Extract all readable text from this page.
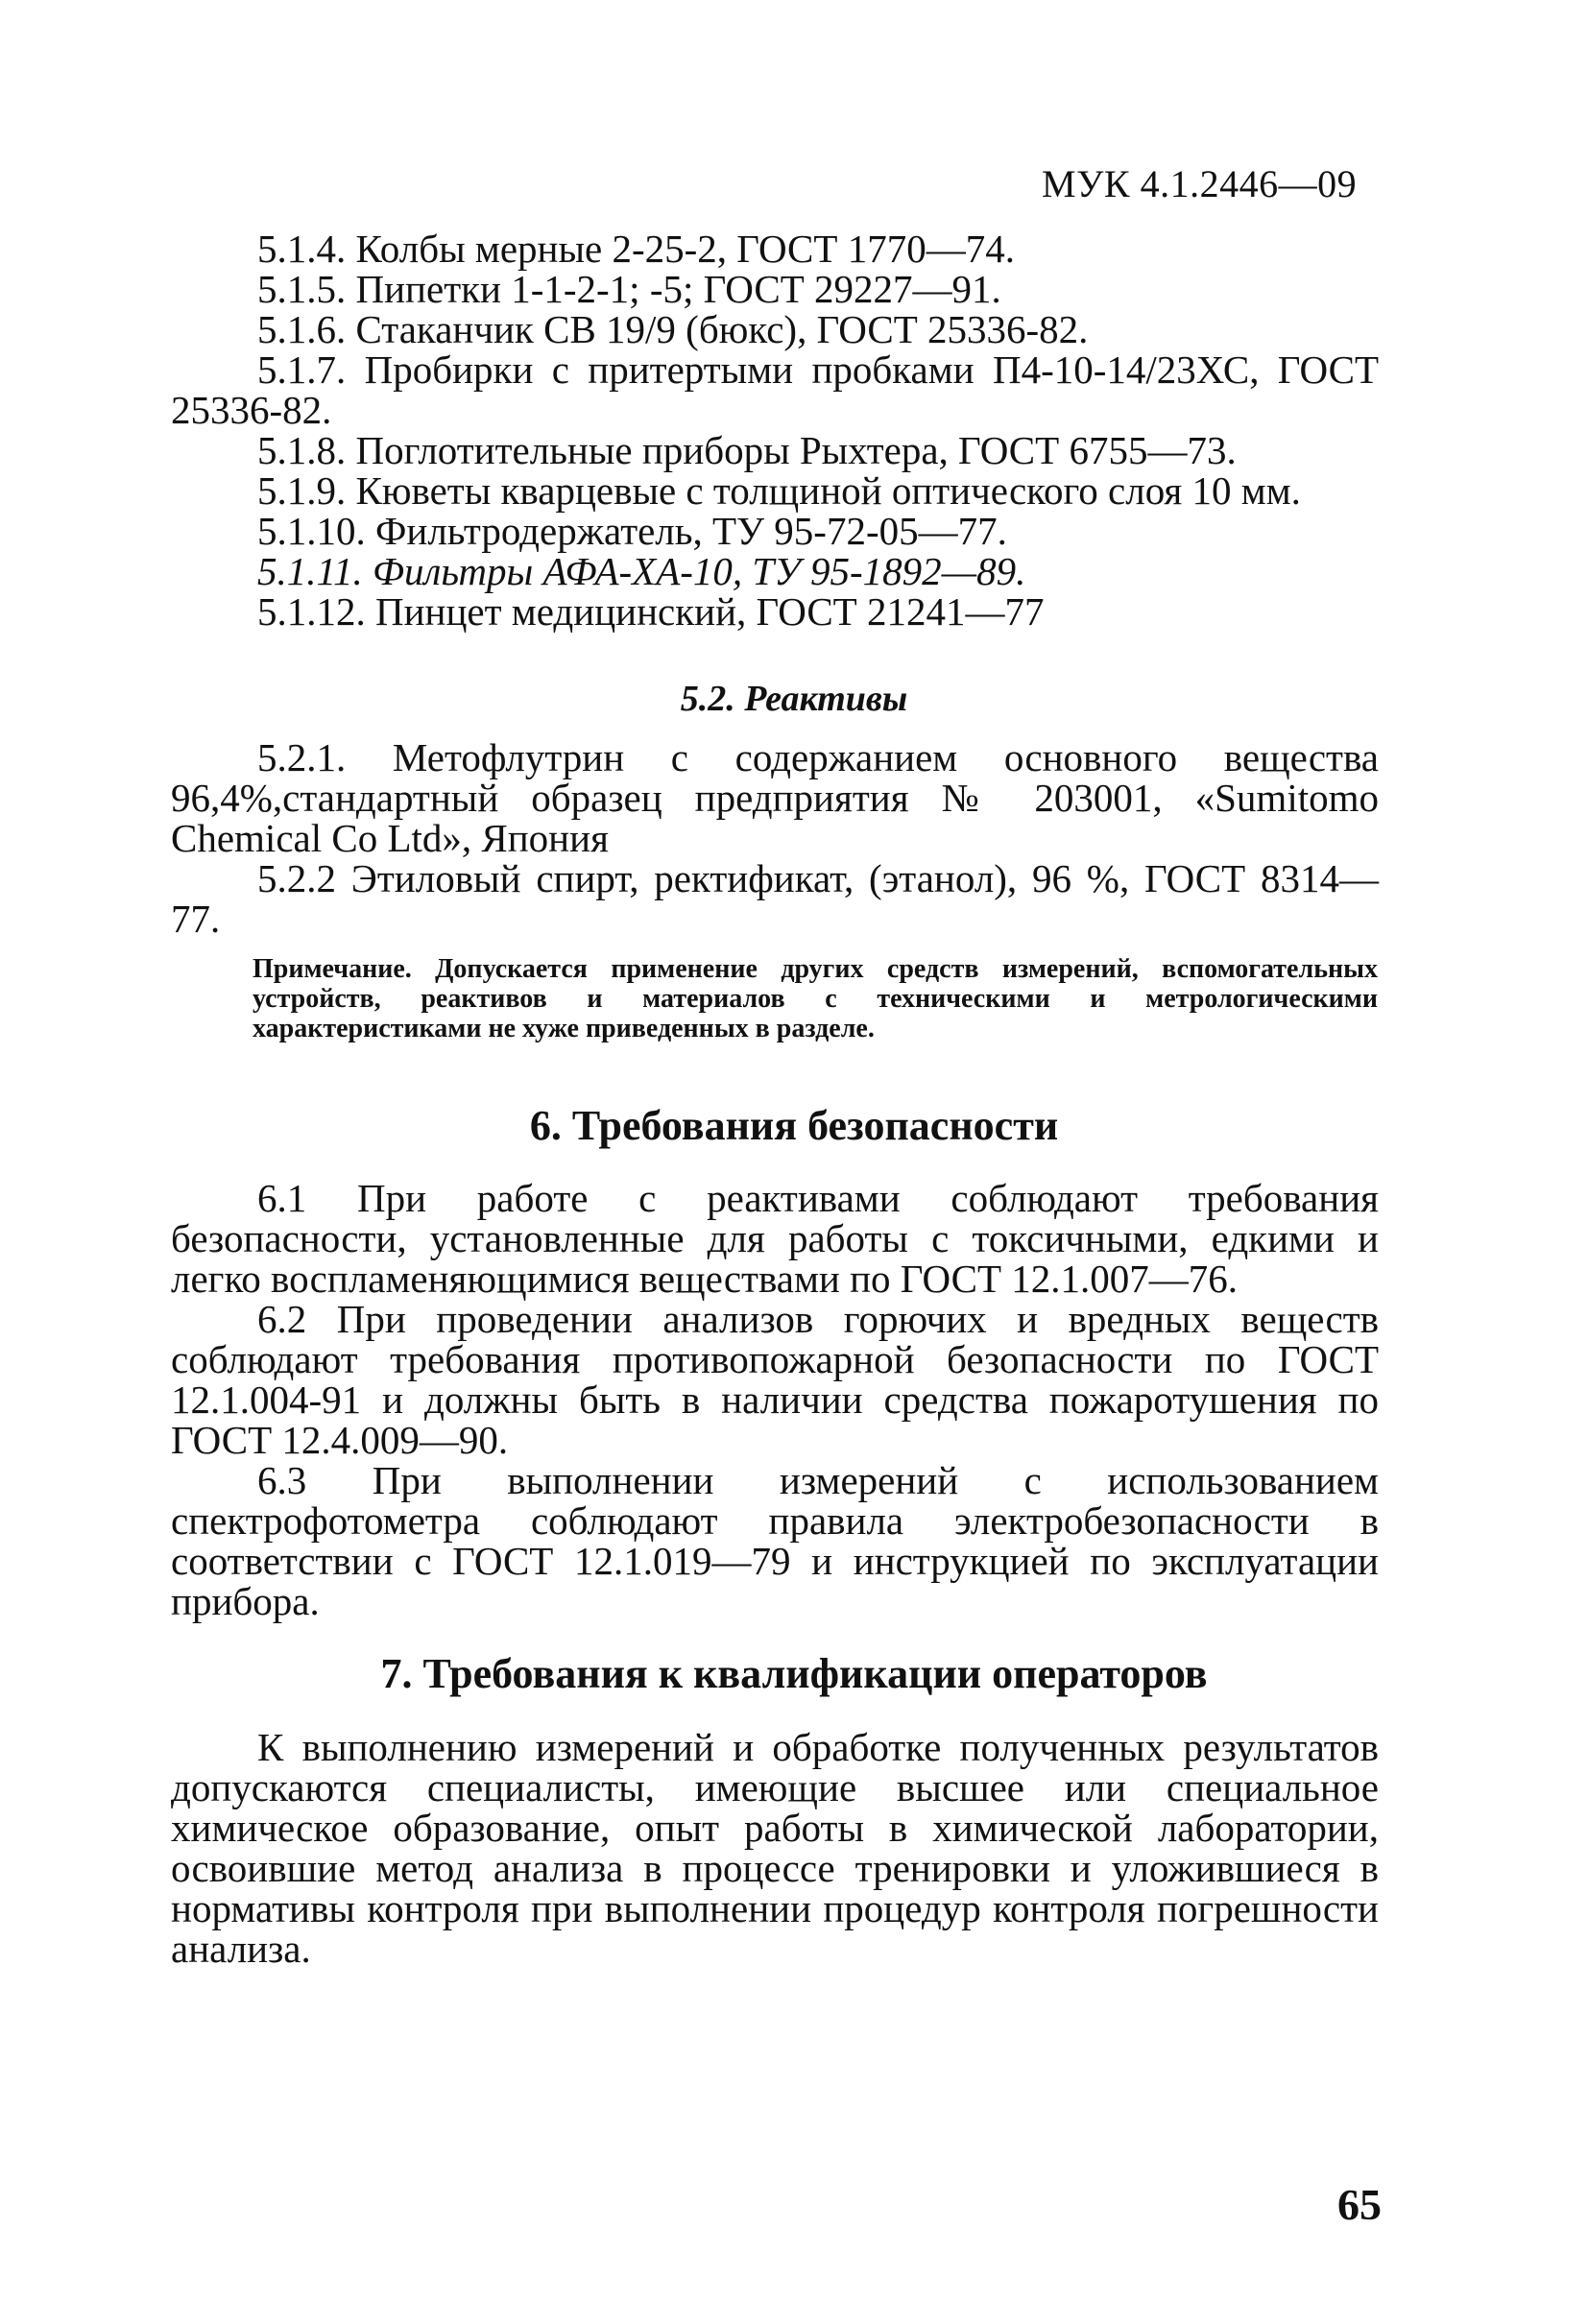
МУК 4.1.2446—09

5.1.4. Колбы мерные 2-25-2, ГОСТ 1770—74.

5.1.5. Пипетки 1-1-2-1; -5; ГОСТ 29227—91.

5.1.6. Стаканчик СВ 19/9 (бюкс), ГОСТ 25336-82.

5.1.7. Пробирки с притертыми пробками П4-10-14/23ХС, ГОСТ 25336-82.

5.1.8. Поглотительные приборы Рыхтера, ГОСТ 6755—73.

5.1.9. Кюветы кварцевые с толщиной оптического слоя 10 мм.

5.1.10. Фильтродержатель, ТУ 95-72-05—77.

5.1.11. Фильтры АФА-ХА-10, ТУ 95-1892—89.

5.1.12. Пинцет медицинский, ГОСТ 21241—77

5.2. Реактивы

5.2.1. Метофлутрин с содержанием основного вещества 96,4%,стандартный образец предприятия № 203001, «Sumitomo Chemical Co Ltd», Япония

5.2.2 Этиловый спирт, ректификат, (этанол), 96 %, ГОСТ 8314—77.

Примечание. Допускается применение других средств измерений, вспомогательных устройств, реактивов и материалов с техническими и метрологическими характеристиками не хуже приведенных в разделе.
6. Требования безопасности

6.1 При работе с реактивами соблюдают требования безопасности, установленные для работы с токсичными, едкими и легко воспламеняющимися веществами по ГОСТ 12.1.007—76.

6.2 При проведении анализов горючих и вредных веществ соблюдают требования противопожарной безопасности по ГОСТ 12.1.004-91 и должны быть в наличии средства пожаротушения по ГОСТ 12.4.009—90.

6.3 При выполнении измерений с использованием спектрофотометра соблюдают правила электробезопасности в соответствии с ГОСТ 12.1.019—79 и инструкцией по эксплуатации прибора.

7. Требования к квалификации операторов

К выполнению измерений и обработке полученных результатов допускаются специалисты, имеющие высшее или специальное химическое образование, опыт работы в химической лаборатории, освоившие метод анализа в процессе тренировки и уложившиеся в нормативы контроля при выполнении процедур контроля погрешности анализа.

65
